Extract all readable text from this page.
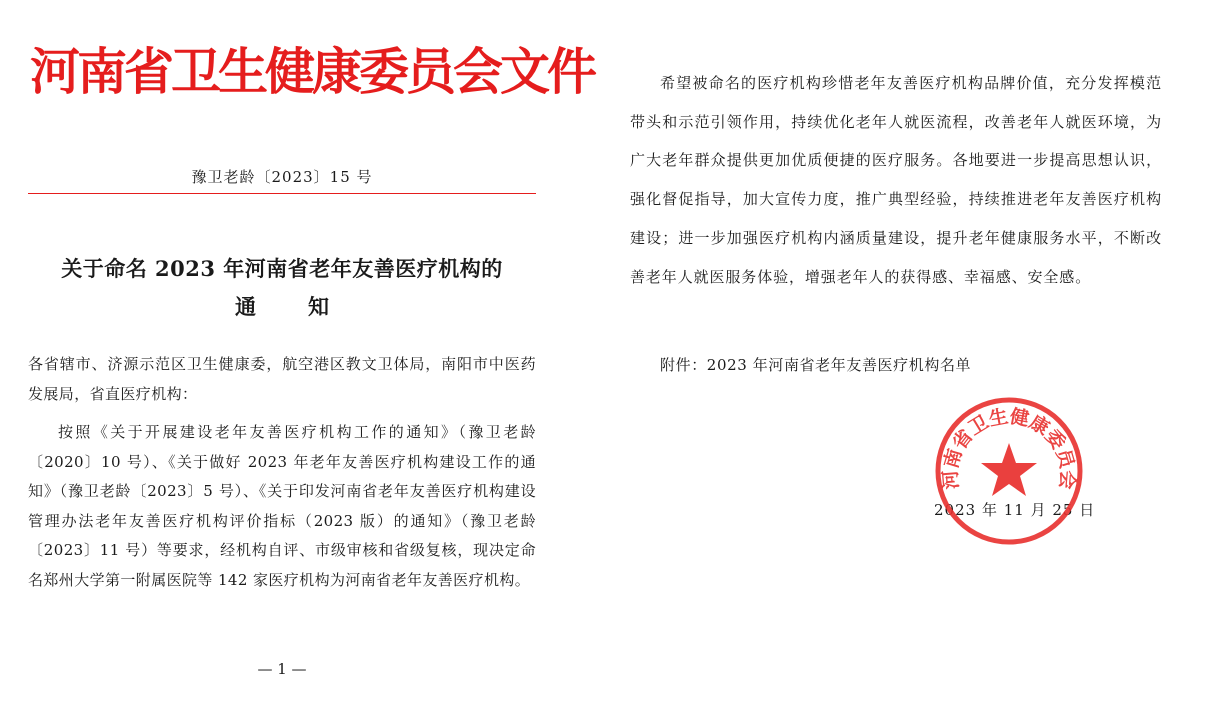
河南省卫生健康委员会文件
豫卫老龄〔2023〕15 号
关于命名 2023 年河南省老年友善医疗机构的
通知
各省辖市、济源示范区卫生健康委，航空港区教文卫体局，南阳市中医药发展局，省直医疗机构：
按照《关于开展建设老年友善医疗机构工作的通知》（豫卫老龄〔2020〕10 号）、《关于做好 2023 年老年友善医疗机构建设工作的通知》（豫卫老龄〔2023〕5 号）、《关于印发河南省老年友善医疗机构建设管理办法老年友善医疗机构评价指标（2023 版）的通知》（豫卫老龄〔2023〕11 号）等要求，经机构自评、市级审核和省级复核，现决定命名郑州大学第一附属医院等 142 家医疗机构为河南省老年友善医疗机构。
— 1 —
希望被命名的医疗机构珍惜老年友善医疗机构品牌价值，充分发挥模范带头和示范引领作用，持续优化老年人就医流程，改善老年人就医环境，为广大老年群众提供更加优质便捷的医疗服务。各地要进一步提高思想认识，强化督促指导，加大宣传力度，推广典型经验，持续推进老年友善医疗机构建设；进一步加强医疗机构内涵质量建设，提升老年健康服务水平，不断改善老年人就医服务体验，增强老年人的获得感、幸福感、安全感。
附件：2023 年河南省老年友善医疗机构名单
2023 年 11 月 25 日
河南省卫生健康委员会
